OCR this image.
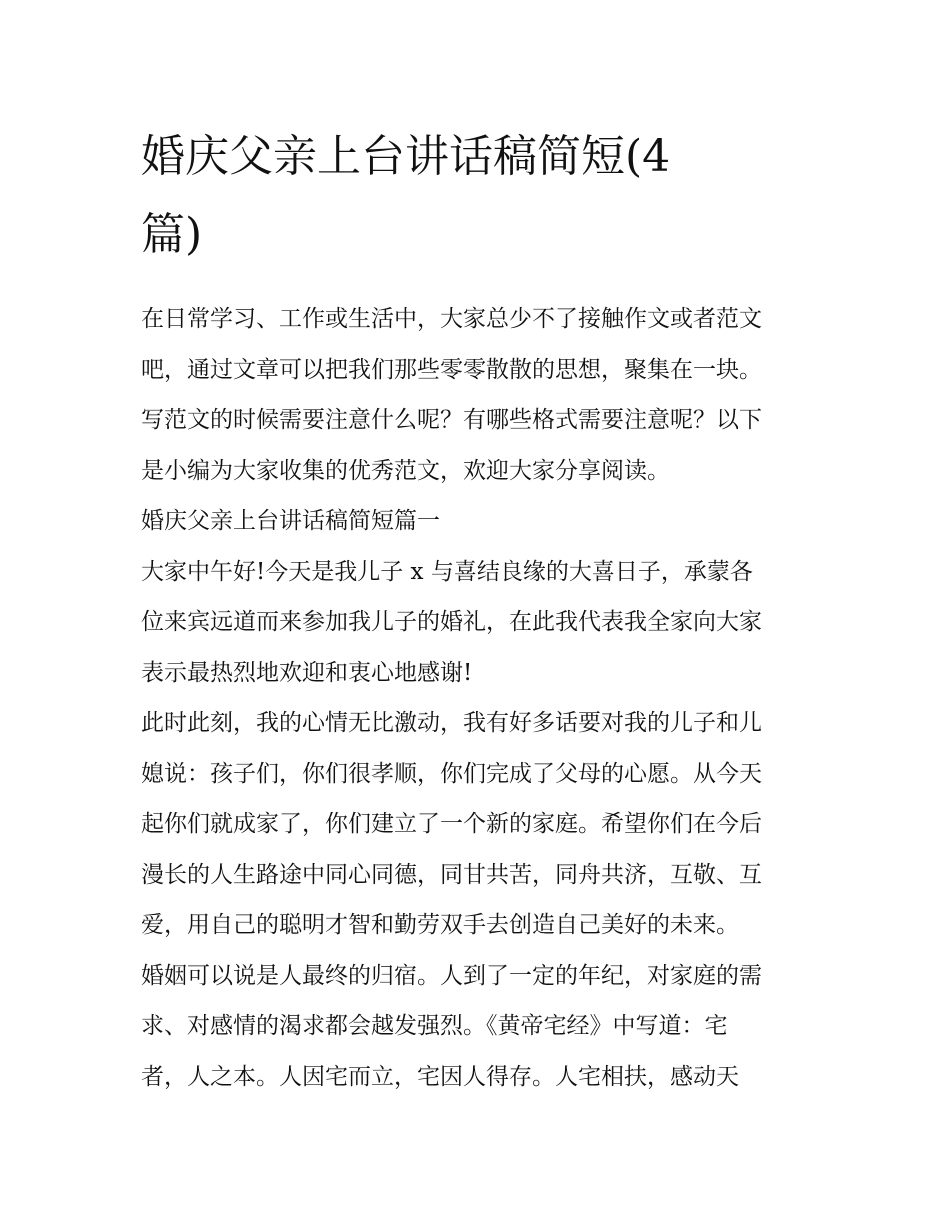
婚庆父亲上台讲话稿简短(4
篇)
在日常学习、工作或生活中，大家总少不了接触作文或者范文
吧，通过文章可以把我们那些零零散散的思想，聚集在一块。
写范文的时候需要注意什么呢？有哪些格式需要注意呢？以下
是小编为大家收集的优秀范文，欢迎大家分享阅读。
婚庆父亲上台讲话稿简短篇一
大家中午好!今天是我儿子 x 与喜结良缘的大喜日子，承蒙各
位来宾远道而来参加我儿子的婚礼，在此我代表我全家向大家
表示最热烈地欢迎和衷心地感谢!
此时此刻，我的心情无比激动，我有好多话要对我的儿子和儿
媳说：孩子们，你们很孝顺，你们完成了父母的心愿。从今天
起你们就成家了，你们建立了一个新的家庭。希望你们在今后
漫长的人生路途中同心同德，同甘共苦，同舟共济，互敬、互
爱，用自己的聪明才智和勤劳双手去创造自己美好的未来。
婚姻可以说是人最终的归宿。人到了一定的年纪，对家庭的需
求、对感情的渴求都会越发强烈。《黄帝宅经》中写道：宅
者，人之本。人因宅而立，宅因人得存。人宅相扶，感动天
